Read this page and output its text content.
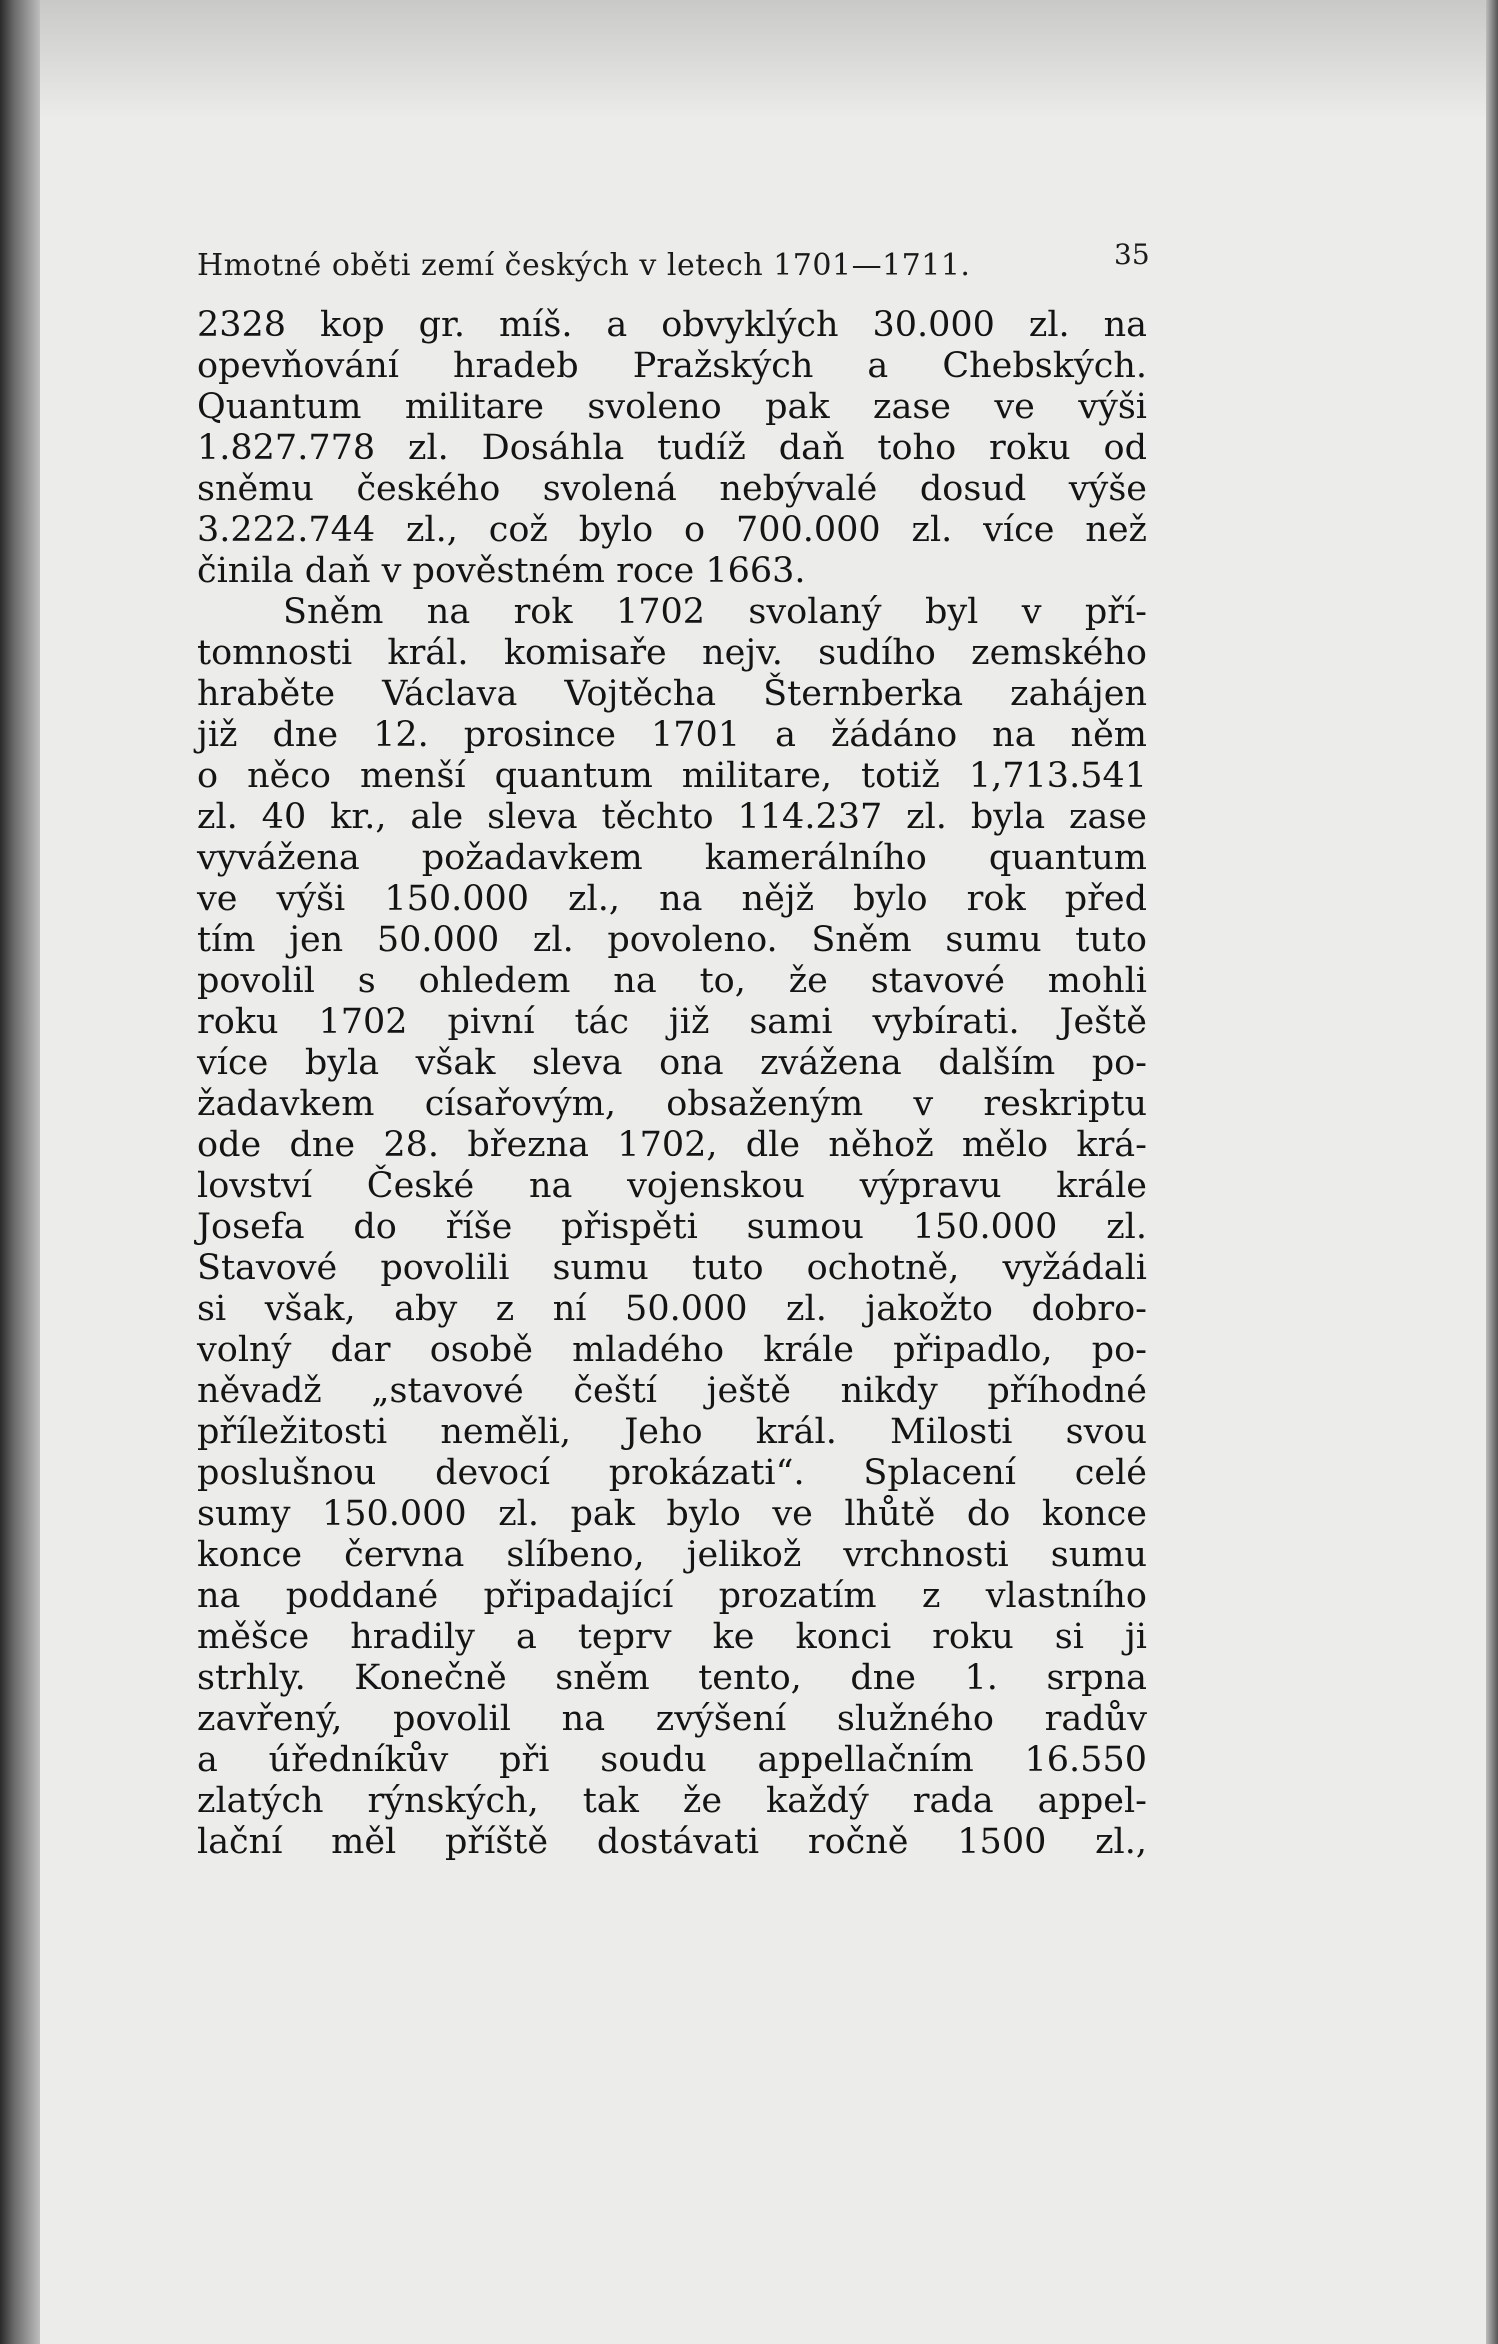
Hmotné oběti zemí českých v letech 1701—1711.	35
2328 kop gr. míš. a obvyklých 30.000 zl. na
opevňování hradeb Pražských a Chebských.
Quantum militare svoleno pak zase ve výši
1.827.778 zl. Dosáhla tudíž daň toho roku od
sněmu českého svolená nebývalé dosud výše
3.222.744 zl., což bylo o 700.000 zl. více než
činila daň v pověstném roce 1663.
Sněm na rok 1702 svolaný byl v pří-
tomnosti král. komisaře nejv. sudího zemského
hraběte Václava Vojtěcha Šternberka zahájen
již dne 12. prosince 1701 a žádáno na něm
o něco menší quantum militare, totiž 1,713.541
zl. 40 kr., ale sleva těchto 114.237 zl. byla zase
vyvážena požadavkem kamerálního quantum
ve výši 150.000 zl., na nějž bylo rok před
tím jen 50.000 zl. povoleno. Sněm sumu tuto
povolil s ohledem na to, že stavové mohli
roku 1702 pivní tác již sami vybírati. Ještě
více byla však sleva ona zvážena dalším po-
žadavkem císařovým, obsaženým v reskriptu
ode dne 28. března 1702, dle něhož mělo krá-
lovství České na vojenskou výpravu krále
Josefa do říše přispěti sumou 150.000 zl.
Stavové povolili sumu tuto ochotně, vyžádali
si však, aby z ní 50.000 zl. jakožto dobro-
volný dar osobě mladého krále připadlo, po-
něvadž „stavové čeští ještě nikdy příhodné
příležitosti neměli, Jeho král. Milosti svou
poslušnou devocí prokázati“. Splacení celé
sumy 150.000 zl. pak bylo ve lhůtě do konce
konce června slíbeno, jelikož vrchnosti sumu
na poddané připadající prozatím z vlastního
měšce hradily a teprv ke konci roku si ji
strhly. Konečně sněm tento, dne 1. srpna
zavřený, povolil na zvýšení služného radův
a úředníkův při soudu appellačním 16.550
zlatých rýnských, tak že každý rada appel-
lační měl příště dostávati ročně 1500 zl.,
